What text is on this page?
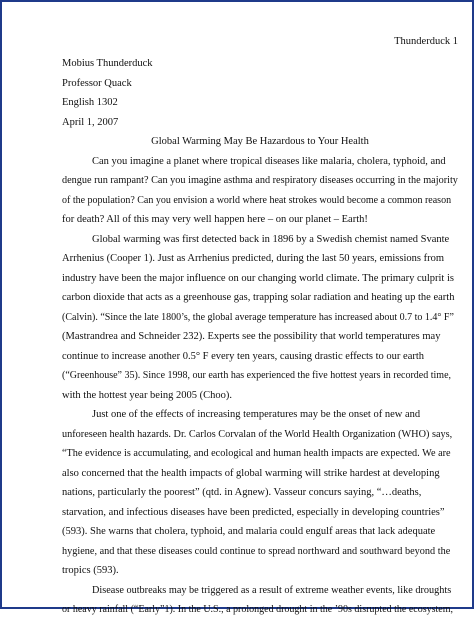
Thunderduck 1
Mobius Thunderduck
Professor Quack
English 1302
April 1, 2007
Global Warming May Be Hazardous to Your Health
Can you imagine a planet where tropical diseases like malaria, cholera, typhoid, and
dengue run rampant? Can you imagine asthma and respiratory diseases occurring in the majority
of the population? Can you envision a world where heat strokes would become a common reason
for death? All of this may very well happen here – on our planet – Earth!
Global warming was first detected back in 1896 by a Swedish chemist named Svante
Arrhenius (Cooper 1). Just as Arrhenius predicted, during the last 50 years, emissions from
industry have been the major influence on our changing world climate. The primary culprit is
carbon dioxide that acts as a greenhouse gas, trapping solar radiation and heating up the earth
(Calvin). “Since the late 1800’s, the global average temperature has increased about 0.7 to 1.4° F”
(Mastrandrea and Schneider 232). Experts see the possibility that world temperatures may
continue to increase another 0.5° F every ten years, causing drastic effects to our earth
(“Greenhouse” 35). Since 1998, our earth has experienced the five hottest years in recorded time,
with the hottest year being 2005 (Choo).
Just one of the effects of increasing temperatures may be the onset of new and
unforeseen health hazards. Dr. Carlos Corvalan of the World Health Organization (WHO) says,
“The evidence is accumulating, and ecological and human health impacts are expected. We are
also concerned that the health impacts of global warming will strike hardest at developing
nations, particularly the poorest” (qtd. in Agnew). Vasseur concurs saying, “…deaths,
starvation, and infectious diseases have been predicted, especially in developing countries”
(593). She warns that cholera, typhoid, and malaria could engulf areas that lack adequate
hygiene, and that these diseases could continue to spread northward and southward beyond the
tropics (593).
Disease outbreaks may be triggered as a result of extreme weather events, like droughts
or heavy rainfall (“Early”1). In the U.S., a prolonged drought in the ’90s disrupted the ecosystem,
